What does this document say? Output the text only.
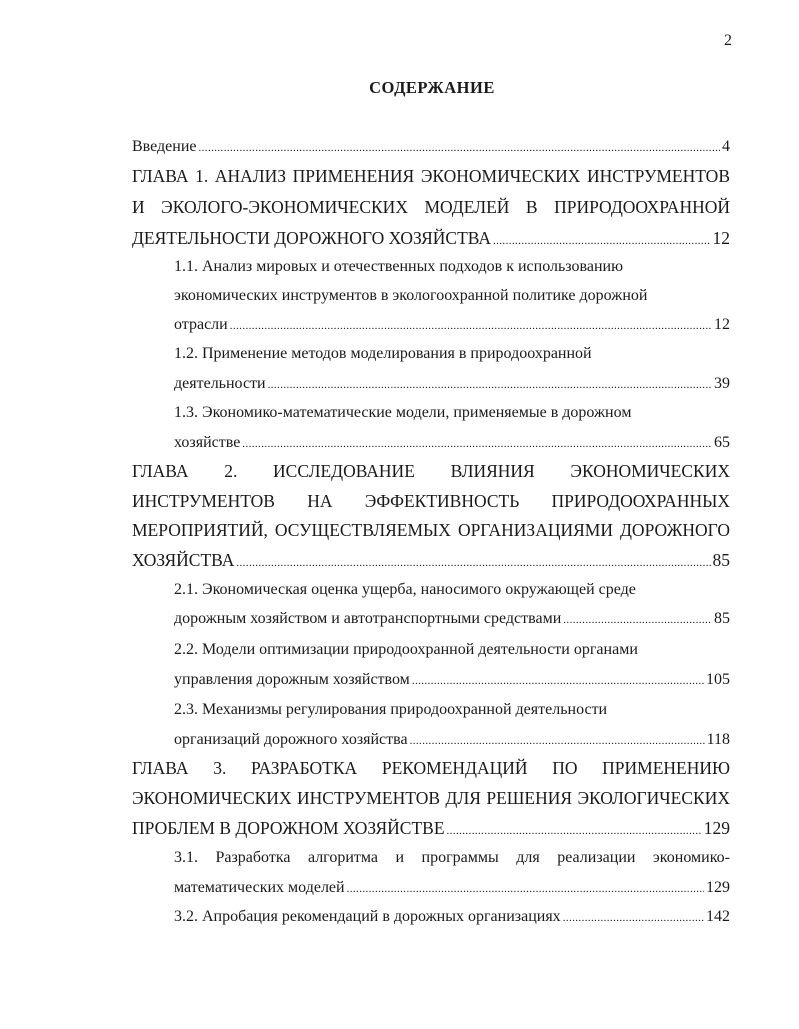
2
СОДЕРЖАНИЕ
Введение .....	4
ГЛАВА 1. АНАЛИЗ ПРИМЕНЕНИЯ ЭКОНОМИЧЕСКИХ ИНСТРУМЕНТОВ
И ЭКОЛОГО-ЭКОНОМИЧЕСКИХ МОДЕЛЕЙ В ПРИРОДООХРАННОЙ
ДЕЯТЕЛЬНОСТИ ДОРОЖНОГО ХОЗЯЙСТВА .....	12
1.1. Анализ мировых и отечественных подходов к использованию
экономических инструментов в экологоохранной политике дорожной
отрасли .....	12
1.2. Применение методов моделирования в природоохранной
деятельности .....	39
1.3. Экономико-математические модели, применяемые в дорожном
хозяйстве .....	65
ГЛАВА 2. ИССЛЕДОВАНИЕ ВЛИЯНИЯ ЭКОНОМИЧЕСКИХ
ИНСТРУМЕНТОВ НА ЭФФЕКТИВНОСТЬ ПРИРОДООХРАННЫХ
МЕРОПРИЯТИЙ, ОСУЩЕСТВЛЯЕМЫХ ОРГАНИЗАЦИЯМИ ДОРОЖНОГО
ХОЗЯЙСТВА .....	85
2.1. Экономическая оценка ущерба, наносимого окружающей среде
дорожным хозяйством и автотранспортными средствами .....	85
2.2. Модели оптимизации природоохранной деятельности органами
управления дорожным хозяйством .....	105
2.3. Механизмы регулирования природоохранной деятельности
организаций дорожного хозяйства .....	118
ГЛАВА 3. РАЗРАБОТКА РЕКОМЕНДАЦИЙ ПО ПРИМЕНЕНИЮ
ЭКОНОМИЧЕСКИХ ИНСТРУМЕНТОВ ДЛЯ РЕШЕНИЯ ЭКОЛОГИЧЕСКИХ
ПРОБЛЕМ В ДОРОЖНОМ ХОЗЯЙСТВЕ .....	129
3.1. Разработка алгоритма и программы для реализации экономико-
математических моделей .....	129
3.2. Апробация рекомендаций в дорожных организациях .....	142
